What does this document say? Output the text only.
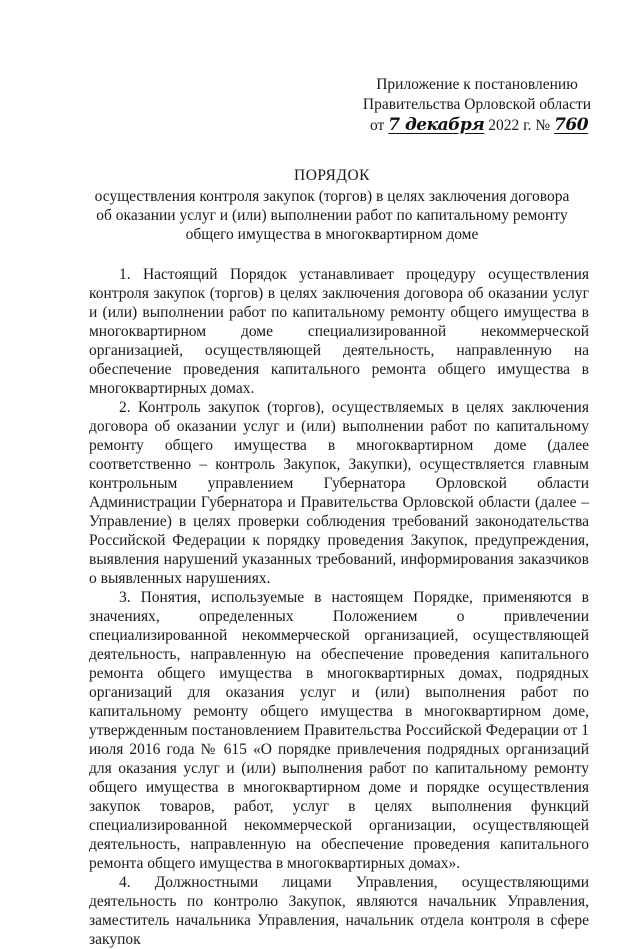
Приложение к постановлению
Правительства Орловской области
от 7 декабря 2022 г. № 760
ПОРЯДОК
осуществления контроля закупок (торгов) в целях заключения договора
об оказании услуг и (или) выполнении работ по капитальному ремонту
общего имущества в многоквартирном доме

1. Настоящий Порядок устанавливает процедуру осуществления контроля закупок (торгов) в целях заключения договора об оказании услуг и (или) выполнении работ по капитальному ремонту общего имущества в многоквартирном доме специализированной некоммерческой организацией, осуществляющей деятельность, направленную на обеспечение проведения капитального ремонта общего имущества в многоквартирных домах.

2. Контроль закупок (торгов), осуществляемых в целях заключения договора об оказании услуг и (или) выполнении работ по капитальному ремонту общего имущества в многоквартирном доме (далее соответственно – контроль Закупок, Закупки), осуществляется главным контрольным управлением Губернатора Орловской области Администрации Губернатора и Правительства Орловской области (далее – Управление) в целях проверки соблюдения требований законодательства Российской Федерации к порядку проведения Закупок, предупреждения, выявления нарушений указанных требований, информирования заказчиков о выявленных нарушениях.

3. Понятия, используемые в настоящем Порядке, применяются в значениях, определенных Положением о привлечении специализированной некоммерческой организацией, осуществляющей деятельность, направленную на обеспечение проведения капитального ремонта общего имущества в многоквартирных домах, подрядных организаций для оказания услуг и (или) выполнения работ по капитальному ремонту общего имущества в многоквартирном доме, утвержденным постановлением Правительства Российской Федерации от 1 июля 2016 года № 615 «О порядке привлечения подрядных организаций для оказания услуг и (или) выполнения работ по капитальному ремонту общего имущества в многоквартирном доме и порядке осуществления закупок товаров, работ, услуг в целях выполнения функций специализированной некоммерческой организации, осуществляющей деятельность, направленную на обеспечение проведения капитального ремонта общего имущества в многоквартирных домах».

4. Должностными лицами Управления, осуществляющими деятельность по контролю Закупок, являются начальник Управления, заместитель начальника Управления, начальник отдела контроля в сфере закупок
